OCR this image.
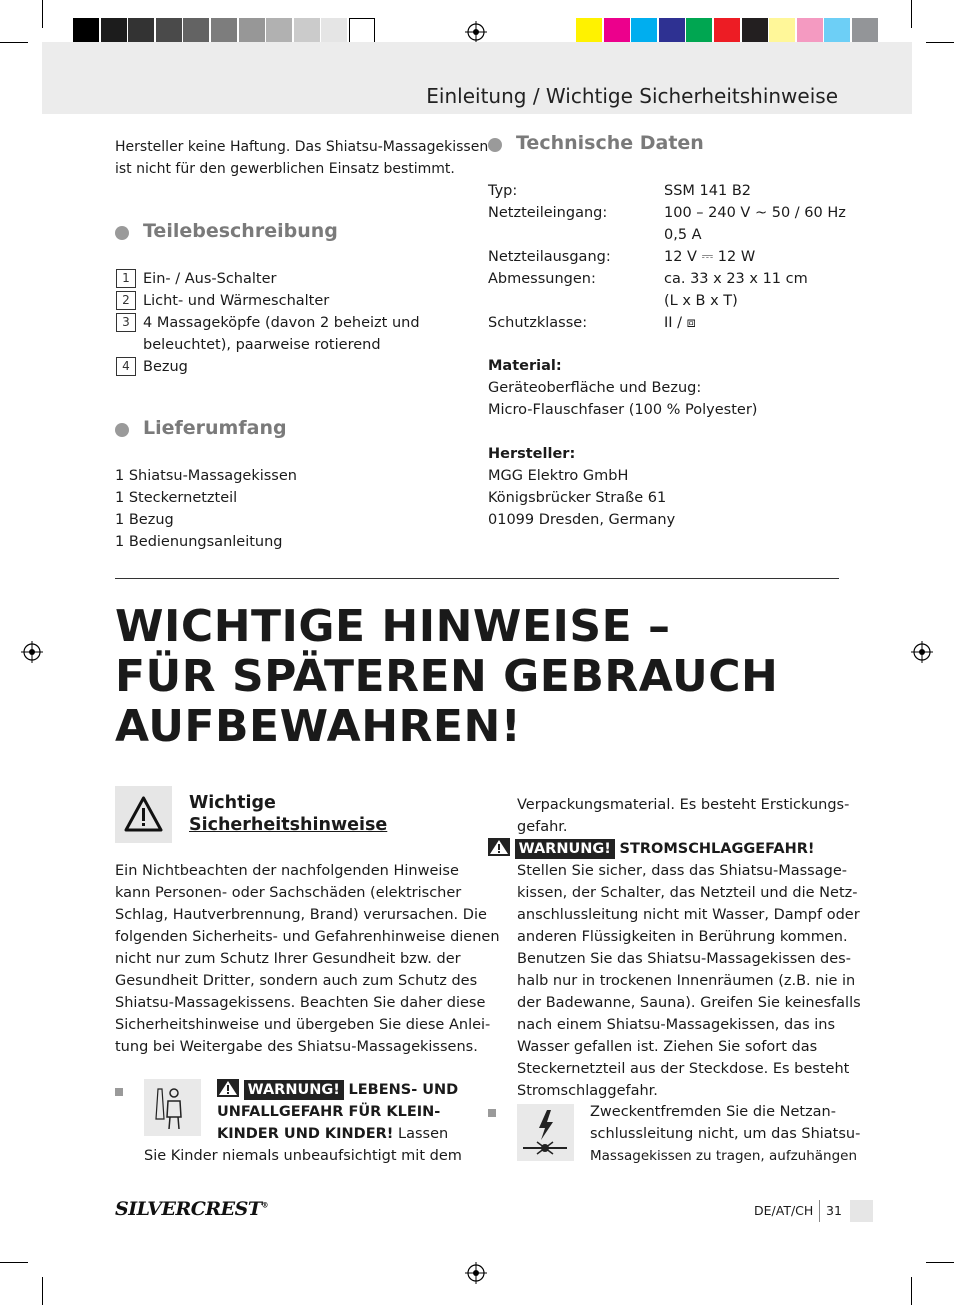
Einleitung / Wichtige Sicherheitshinweise
Hersteller keine Haftung. Das Shiatsu-Massagekissen
ist nicht für den gewerblichen Einsatz bestimmt.
Teilebeschreibung
1 Ein- / Aus-Schalter
2 Licht- und Wärmeschalter
3 4 Massageköpfe (davon 2 beheizt und
beleuchtet), paarweise rotierend
4 Bezug
Lieferumfang
1 Shiatsu-Massagekissen
1 Steckernetzteil
1 Bezug
1 Bedienungsanleitung
Technische Daten
Typ:	SSM 141 B2
Netzteileingang:	100 – 240 V ~ 50 / 60 Hz
0,5 A
Netzteilausgang:	12 V ⎓ 12 W
Abmessungen:	ca. 33 x 23 x 11 cm
(L x B x T)
Schutzklasse:	II / ⧈
Material:
Geräteoberfläche und Bezug:
Micro-Flauschfaser (100 % Polyester)
Hersteller:
MGG Elektro GmbH
Königsbrücker Straße 61
01099 Dresden, Germany
WICHTIGE HINWEISE –
FÜR SPÄTEREN GEBRAUCH
AUFBEWAHREN!
Wichtige
Sicherheitshinweise
Ein Nichtbeachten der nachfolgenden Hinweise
kann Personen- oder Sachschäden (elektrischer
Schlag, Hautverbrennung, Brand) verursachen. Die
folgenden Sicherheits- und Gefahrenhinweise dienen
nicht nur zum Schutz Ihrer Gesundheit bzw. der
Gesundheit Dritter, sondern auch zum Schutz des
Shiatsu-Massagekissens. Beachten Sie daher diese
Sicherheitshinweise und übergeben Sie diese Anlei-
tung bei Weitergabe des Shiatsu-Massagekissens.
WARNUNG! LEBENS- UND
UNFALLGEFAHR FÜR KLEIN-
KINDER UND KINDER! Lassen
Sie Kinder niemals unbeaufsichtigt mit dem
Verpackungsmaterial. Es besteht Erstickungs-
gefahr.
WARNUNG! STROMSCHLAGGEFAHR!
Stellen Sie sicher, dass das Shiatsu-Massage-
kissen, der Schalter, das Netzteil und die Netz-
anschlussleitung nicht mit Wasser, Dampf oder
anderen Flüssigkeiten in Berührung kommen.
Benutzen Sie das Shiatsu-Massagekissen des-
halb nur in trockenen Innenräumen (z.B. nie in
der Badewanne, Sauna). Greifen Sie keinesfalls
nach einem Shiatsu-Massagekissen, das ins
Wasser gefallen ist. Ziehen Sie sofort das
Steckernetzteil aus der Steckdose. Es besteht
Stromschlaggefahr.
Zweckentfremden Sie die Netzan-
schlussleitung nicht, um das Shiatsu-
Massagekissen zu tragen, aufzuhängen
SILVERCREST®	DE/AT/CH 31
